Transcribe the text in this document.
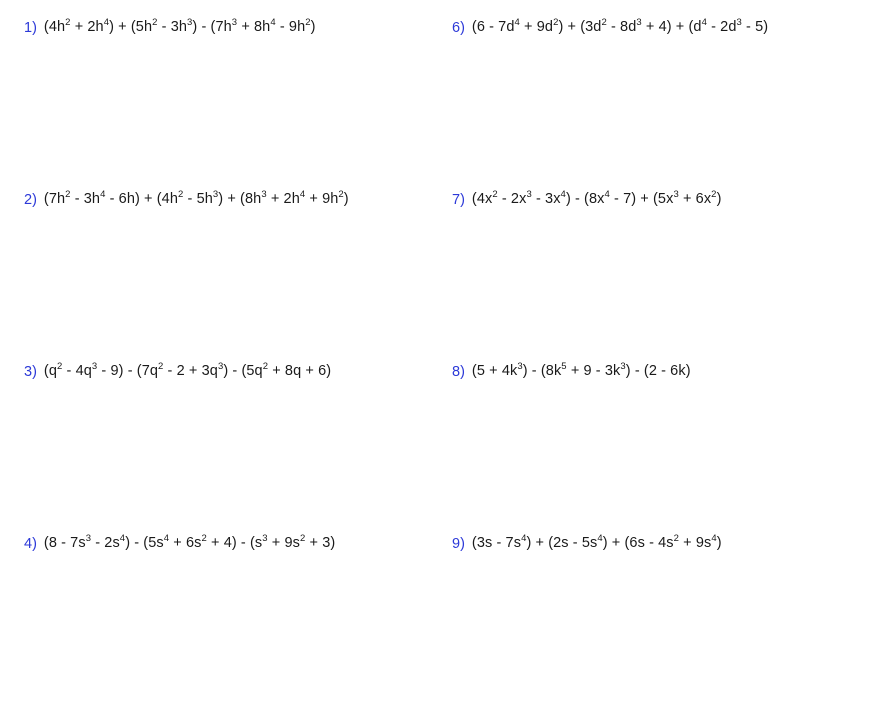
1) $(4h^2 + 2h^4) + (5h^2 - 3h^3) - (7h^3 + 8h^4 - 9h^2)$
2) $(7h^2 - 3h^4 - 6h) + (4h^2 - 5h^3) + (8h^3 + 2h^4 + 9h^2)$
3) $(q^2 - 4q^3 - 9) - (7q^2 - 2 + 3q^3) - (5q^2 + 8q + 6)$
4) $(8 - 7s^3 - 2s^4) - (5s^4 + 6s^2 + 4) - (s^3 + 9s^2 + 3)$
6) $(6 - 7d^4 + 9d^2) + (3d^2 - 8d^3 + 4) + (d^4 - 2d^3 - 5)$
7) $(4x^2 - 2x^3 - 3x^4) - (8x^4 - 7) + (5x^3 + 6x^2)$
8) $(5 + 4k^3) - (8k^5 + 9 - 3k^3) - (2 - 6k)$
9) $(3s - 7s^4) + (2s - 5s^4) + (6s - 4s^2 + 9s^4)$
